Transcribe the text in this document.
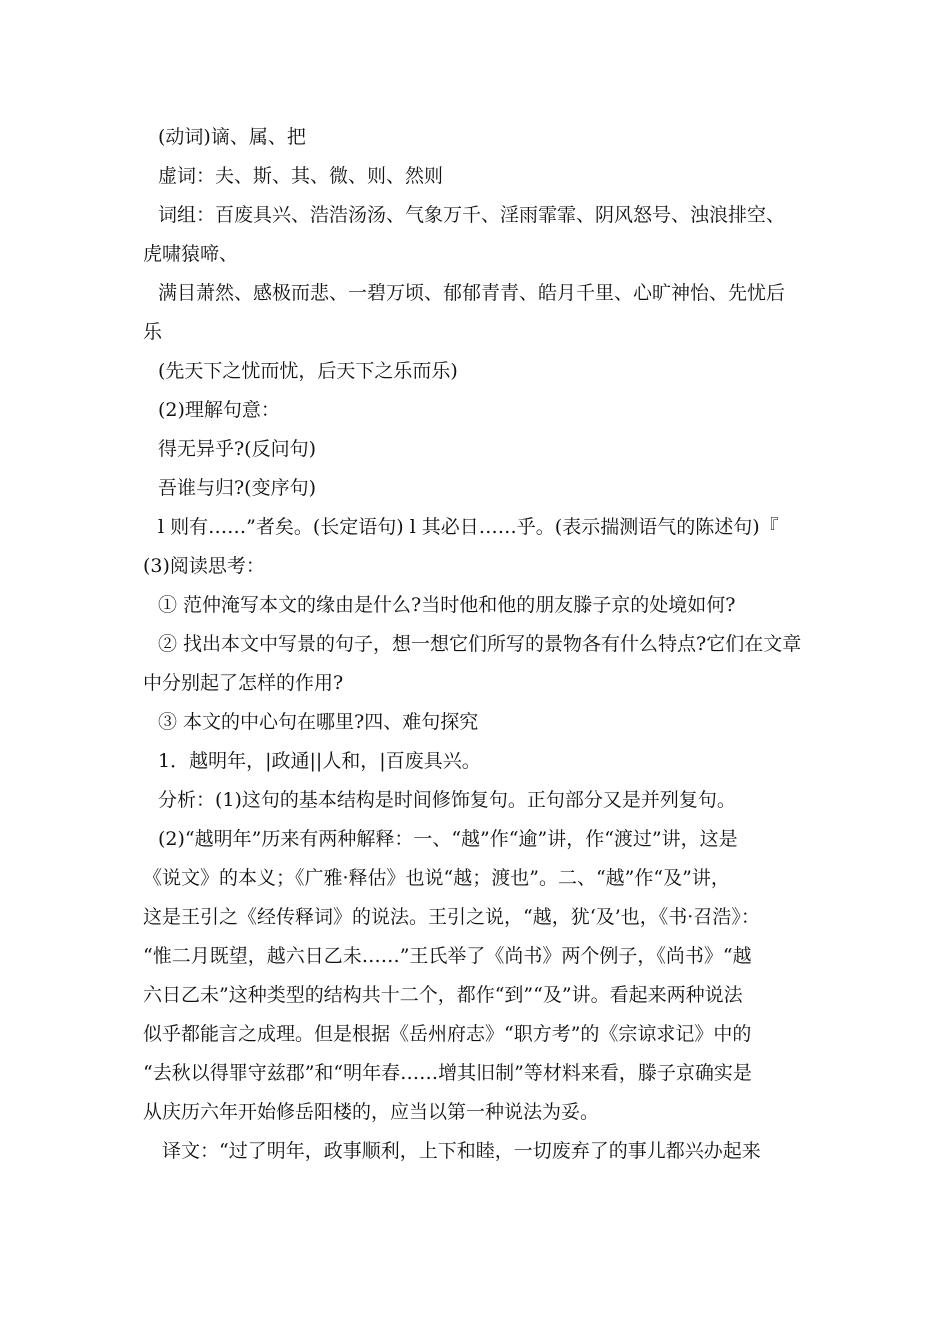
(动词)谪、属、把
虚词：夫、斯、其、微、则、然则
词组：百废具兴、浩浩汤汤、气象万千、淫雨霏霏、阴风怒号、浊浪排空、
虎啸猿啼、
满目萧然、感极而悲、一碧万顷、郁郁青青、皓月千里、心旷神怡、先忧后
乐
(先天下之忧而忧，后天下之乐而乐)
(2)理解句意：
得无异乎?(反问句)
吾谁与归?(变序句)
l 则有……”者矣。(长定语句) l 其必日……乎。(表示揣测语气的陈述句)『
(3)阅读思考：
① 范仲淹写本文的缘由是什么?当时他和他的朋友滕子京的处境如何?
② 找出本文中写景的句子，想一想它们所写的景物各有什么特点?它们在文章
中分别起了怎样的作用?
③ 本文的中心句在哪里?四、难句探究
1．越明年，|政通||人和，|百废具兴。
分析：(1)这句的基本结构是时间修饰复句。正句部分又是并列复句。
(2)“越明年”历来有两种解释：一、“越”作“逾”讲，作“渡过”讲，这是
《说文》的本义；《广雅·释估》也说“越；渡也”。二、“越”作“及”讲，
这是王引之《经传释词》的说法。王引之说，“越，犹‘及’也，《书·召浩》：
“惟二月既望，越六日乙未……”王氏举了《尚书》两个例子，《尚书》“越
六日乙未”这种类型的结构共十二个，都作“到”“及”讲。看起来两种说法
似乎都能言之成理。但是根据《岳州府志》“职方考”的《宗谅求记》中的
“去秋以得罪守兹郡”和“明年春……增其旧制”等材料来看，滕子京确实是
从庆历六年开始修岳阳楼的，应当以第一种说法为妥。
译文：“过了明年，政事顺利，上下和睦，一切废弃了的事儿都兴办起来
